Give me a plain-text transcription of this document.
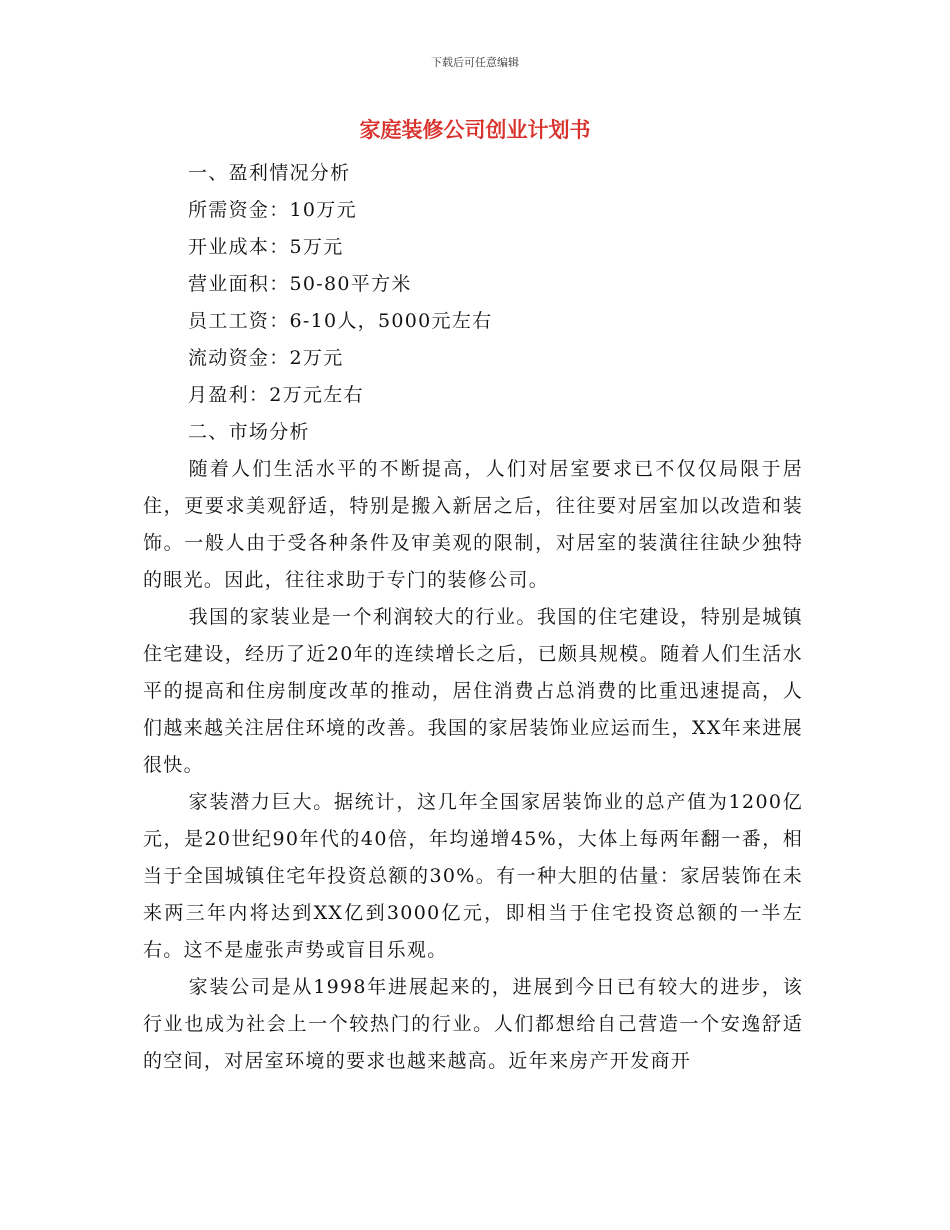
下载后可任意编辑
家庭装修公司创业计划书
一、盈利情况分析
所需资金：10万元
开业成本：5万元
营业面积：50-80平方米
员工工资：6-10人，5000元左右
流动资金：2万元
月盈利：2万元左右
二、市场分析
随着人们生活水平的不断提高，人们对居室要求已不仅仅局限于居住，更要求美观舒适，特别是搬入新居之后，往往要对居室加以改造和装饰。一般人由于受各种条件及审美观的限制，对居室的装潢往往缺少独特的眼光。因此，往往求助于专门的装修公司。
我国的家装业是一个利润较大的行业。我国的住宅建设，特别是城镇住宅建设，经历了近20年的连续增长之后，已颇具规模。随着人们生活水平的提高和住房制度改革的推动，居住消费占总消费的比重迅速提高，人们越来越关注居住环境的改善。我国的家居装饰业应运而生，XX年来进展很快。
家装潜力巨大。据统计，这几年全国家居装饰业的总产值为1200亿元，是20世纪90年代的40倍，年均递增45%，大体上每两年翻一番，相当于全国城镇住宅年投资总额的30%。有一种大胆的估量：家居装饰在未来两三年内将达到XX亿到3000亿元，即相当于住宅投资总额的一半左右。这不是虚张声势或盲目乐观。
家装公司是从1998年进展起来的，进展到今日已有较大的进步，该行业也成为社会上一个较热门的行业。人们都想给自己营造一个安逸舒适的空间，对居室环境的要求也越来越高。近年来房产开发商开
